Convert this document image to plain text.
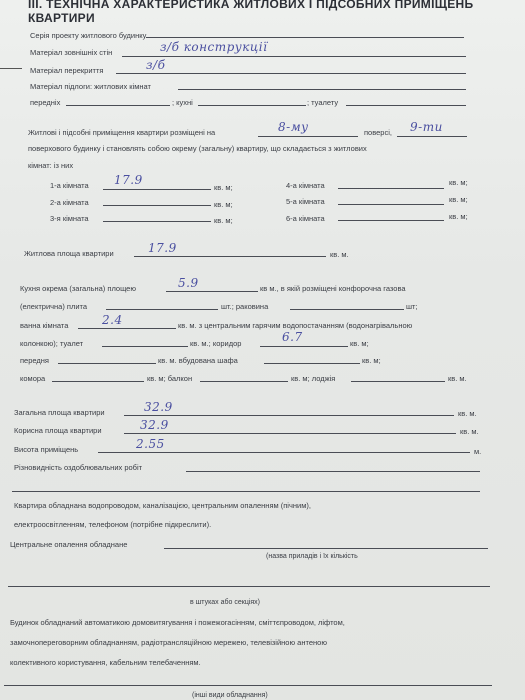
ІІІ. ТЕХНІЧНА ХАРАКТЕРИСТИКА ЖИТЛОВИХ І ПІДСОБНИХ ПРИМІЩЕНЬ КВАРТИРИ
Серія проекту житлового будинку
Матеріал зовнішніх стін	з/б конструкції
Матеріал перекриття	з/б
Матеріал підлоги: житлових кімнат
передніх	; кухні	; туалету
Житлові і підсобні приміщення квартири розміщені на	8-му	поверсі, 9-ти
поверхового будинку і становлять собою окрему (загальну) квартиру, що складається з житлових
кімнат: із них
1-а кімната 17.9
кв. м;
2-а кімната	кв. м;
3-я кімната	кв. м;
4-а кімната	кв. м;
5-а кімната	кв. м;
6-а кімната	кв. м;
Житлова площа квартири	17.9	кв. м.
Кухня окрема (загальна) площею	5.9	кв м., в якій розміщені конфорочна газова
(електрична) плита	шт.; раковина	шт;
ванна кімната	2.4	кв. м. з центральним гарячим водопостачанням (водонагрівальною
колонкою); туалет	кв. м.; коридор	6.7	кв. м;
передня	кв. м. вбудована шафа	кв. м;
комора	кв. м; балкон	кв. м; лоджія	кв. м.
Загальна площа квартири	32.9	кв. м.
Корисна площа квартири	32.9	кв. м.
Висота приміщень	2.55
м.
Різновидність оздоблювальних робіт
Квартира обладнана водопроводом, каналізацією, центральним опаленням (пічним),
електроосвітленням, телефоном (потрібне підкреслити).
Центральне опалення обладнане
(назва приладів і їх кількість
в штуках або секціях)
Будинок обладнаний автоматикою домовитягування і пожежогасінням, сміттєпроводом, ліфтом,
замочнопереговорним обладнанням, радіотрансляційною мережею, телевізійною антеною
колективного користування, кабельним телебаченням.
(інші види обладнання)
